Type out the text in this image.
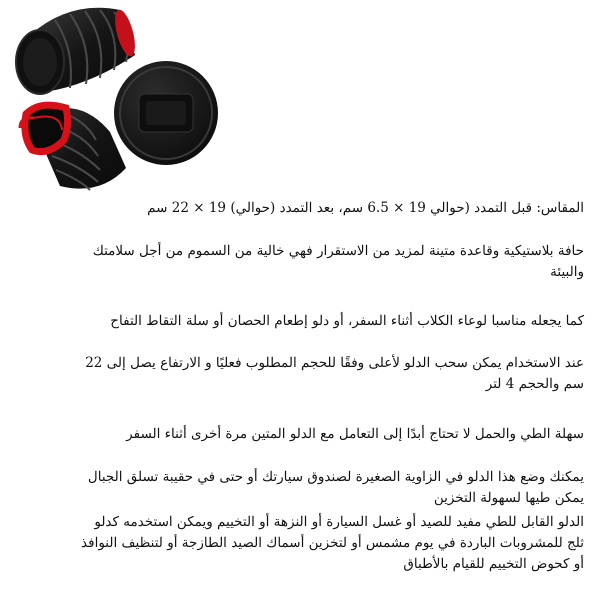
المقاس: قبل التمدد (حوالي 19 × 6.5 سم، بعد التمدد (حوالي) 19 × 22 سم
حافة بلاستيكية وقاعدة متينة لمزيد من الاستقرار فهي خالية من السموم من أجل سلامتك والبيئة
كما يجعله مناسبا لوعاء الكلاب أثناء السفر، أو دلو إطعام الحصان أو سلة التقاط التفاح
عند الاستخدام يمكن سحب الدلو لأعلى وفقًا للحجم المطلوب فعليًا و الارتفاع يصل إلى 22 سم والحجم 4 لتر
سهلة الطي والحمل لا تحتاج أبدًا إلى التعامل مع الدلو المتين مرة أخرى أثناء السفر
يمكنك وضع هذا الدلو في الزاوية الصغيرة لصندوق سيارتك أو حتى في حقيبة تسلق الجبال يمكن طيها لسهولة التخزين
الدلو القابل للطي مفيد للصيد أو غسل السيارة أو النزهة أو التخييم ويمكن استخدمه كدلو ثلج للمشروبات الباردة في يوم مشمس أو لتخزين أسماك الصيد الطازجة أو لتنظيف النوافذ أو كحوض التخييم للقيام بالأطباق
